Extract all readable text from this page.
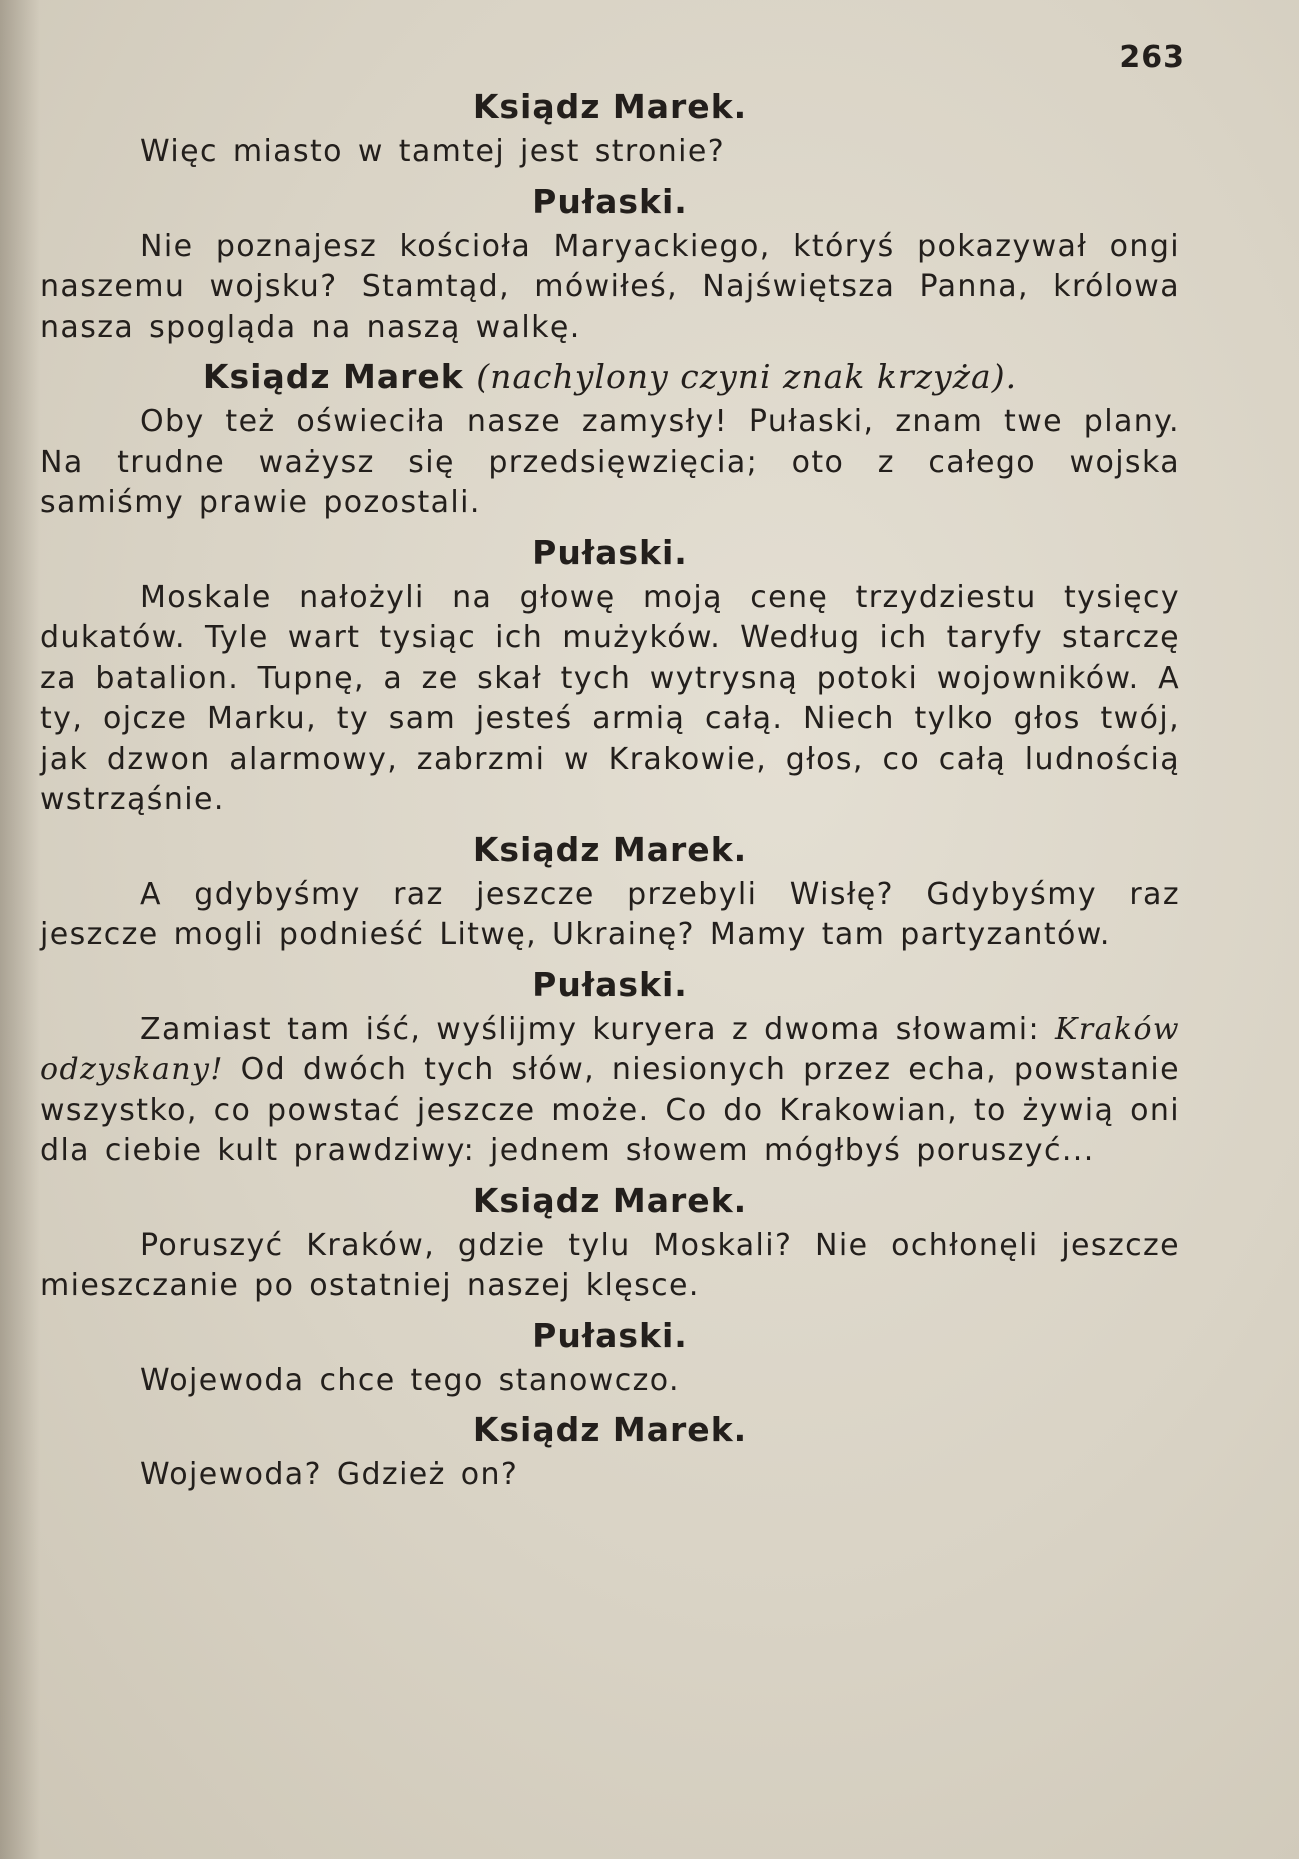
263
Ksiądz Marek.

Więc miasto w tamtej jest stronie?

Pułaski.

Nie poznajesz kościoła Maryackiego, któryś pokazywał ongi naszemu wojsku? Stamtąd, mówiłeś, Najświętsza Panna, królowa nasza spogląda na naszą walkę.

Ksiądz Marek (nachylony czyni znak krzyża).

Oby też oświeciła nasze zamysły! Pułaski, znam twe plany. Na trudne ważysz się przedsięwzięcia; oto z całego wojska samiśmy prawie pozostali.

Pułaski.

Moskale nałożyli na głowę moją cenę trzydziestu tysięcy dukatów. Tyle wart tysiąc ich mużyków. Według ich taryfy starczę za batalion. Tupnę, a ze skał tych wytrysną potoki wojowników. A ty, ojcze Marku, ty sam jesteś armią całą. Niech tylko głos twój, jak dzwon alarmowy, zabrzmi w Krakowie, głos, co całą ludnością wstrząśnie.

Ksiądz Marek.

A gdybyśmy raz jeszcze przebyli Wisłę? Gdybyśmy raz jeszcze mogli podnieść Litwę, Ukrainę? Mamy tam partyzantów.

Pułaski.

Zamiast tam iść, wyślijmy kuryera z dwoma słowami: Kraków odzyskany! Od dwóch tych słów, niesionych przez echa, powstanie wszystko, co powstać jeszcze może. Co do Krakowian, to żywią oni dla ciebie kult prawdziwy: jednem słowem mógłbyś poruszyć...

Ksiądz Marek.

Poruszyć Kraków, gdzie tylu Moskali? Nie ochłonęli jeszcze mieszczanie po ostatniej naszej klęsce.

Pułaski.

Wojewoda chce tego stanowczo.

Ksiądz Marek.

Wojewoda? Gdzież on?
